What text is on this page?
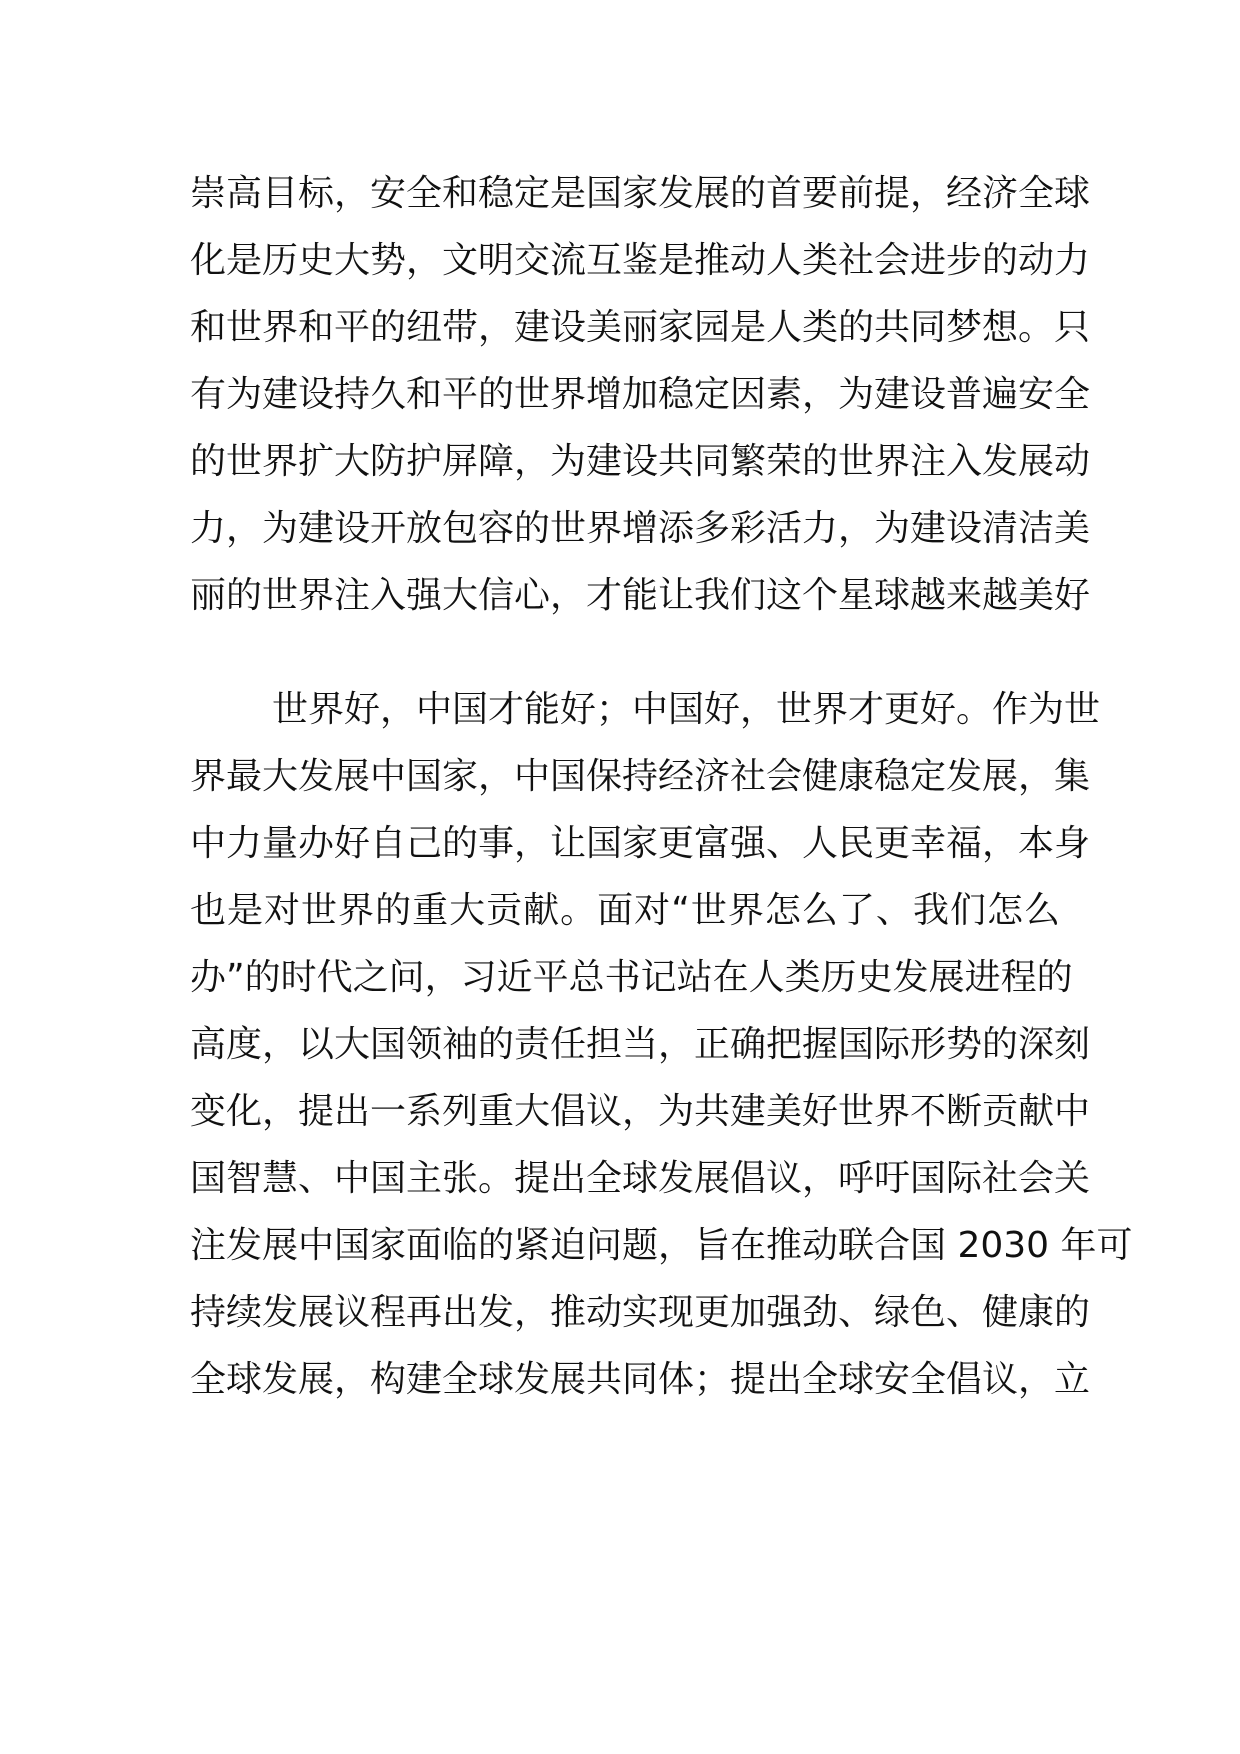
崇高目标，安全和稳定是国家发展的首要前提，经济全球
化是历史大势，文明交流互鉴是推动人类社会进步的动力
和世界和平的纽带，建设美丽家园是人类的共同梦想。只
有为建设持久和平的世界增加稳定因素，为建设普遍安全
的世界扩大防护屏障，为建设共同繁荣的世界注入发展动
力，为建设开放包容的世界增添多彩活力，为建设清洁美
丽的世界注入强大信心，才能让我们这个星球越来越美好
世界好，中国才能好；中国好，世界才更好。作为世
界最大发展中国家，中国保持经济社会健康稳定发展，集
中力量办好自己的事，让国家更富强、人民更幸福，本身
也是对世界的重大贡献。面对“世界怎么了、我们怎么
办”的时代之问，习近平总书记站在人类历史发展进程的
高度，以大国领袖的责任担当，正确把握国际形势的深刻
变化，提出一系列重大倡议，为共建美好世界不断贡献中
国智慧、中国主张。提出全球发展倡议，呼吁国际社会关
注发展中国家面临的紧迫问题，旨在推动联合国 2030 年可
持续发展议程再出发，推动实现更加强劲、绿色、健康的
全球发展，构建全球发展共同体；提出全球安全倡议，立
